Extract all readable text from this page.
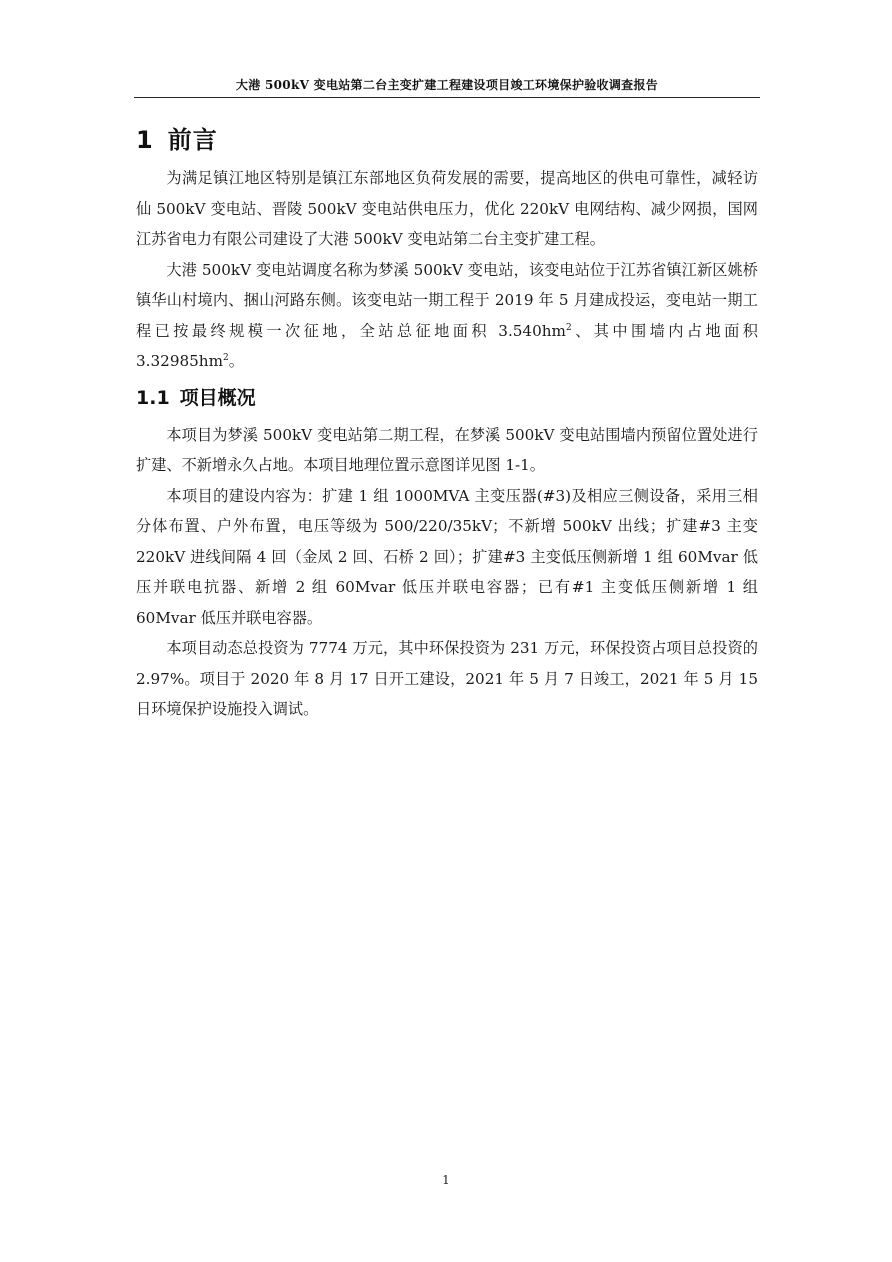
大港 500kV 变电站第二台主变扩建工程建设项目竣工环境保护验收调查报告
1 前言

为满足镇江地区特别是镇江东部地区负荷发展的需要，提高地区的供电可靠性，减轻访仙 500kV 变电站、晋陵 500kV 变电站供电压力，优化 220kV 电网结构、减少网损，国网江苏省电力有限公司建设了大港 500kV 变电站第二台主变扩建工程。

大港 500kV 变电站调度名称为梦溪 500kV 变电站，该变电站位于江苏省镇江新区姚桥镇华山村境内、捆山河路东侧。该变电站一期工程于 2019 年 5 月建成投运，变电站一期工程已按最终规模一次征地，全站总征地面积 $3.540hm^2$、其中围墙内占地面积 $3.32985hm^2$。

1.1 项目概况

本项目为梦溪 500kV 变电站第二期工程，在梦溪 500kV 变电站围墙内预留位置处进行扩建、不新增永久占地。本项目地理位置示意图详见图 1-1。

本项目的建设内容为：扩建 1 组 1000MVA 主变压器(#3)及相应三侧设备，采用三相分体布置、户外布置，电压等级为 500/220/35kV；不新增 500kV 出线；扩建#3 主变 220kV 进线间隔 4 回（金凤 2 回、石桥 2 回）；扩建#3 主变低压侧新增 1 组 60Mvar 低压并联电抗器、新增 2 组 60Mvar 低压并联电容器；已有#1 主变低压侧新增 1 组 60Mvar 低压并联电容器。

本项目动态总投资为 7774 万元，其中环保投资为 231 万元，环保投资占项目总投资的 2.97%。项目于 2020 年 8 月 17 日开工建设，2021 年 5 月 7 日竣工，2021 年 5 月 15 日环境保护设施投入调试。

1
